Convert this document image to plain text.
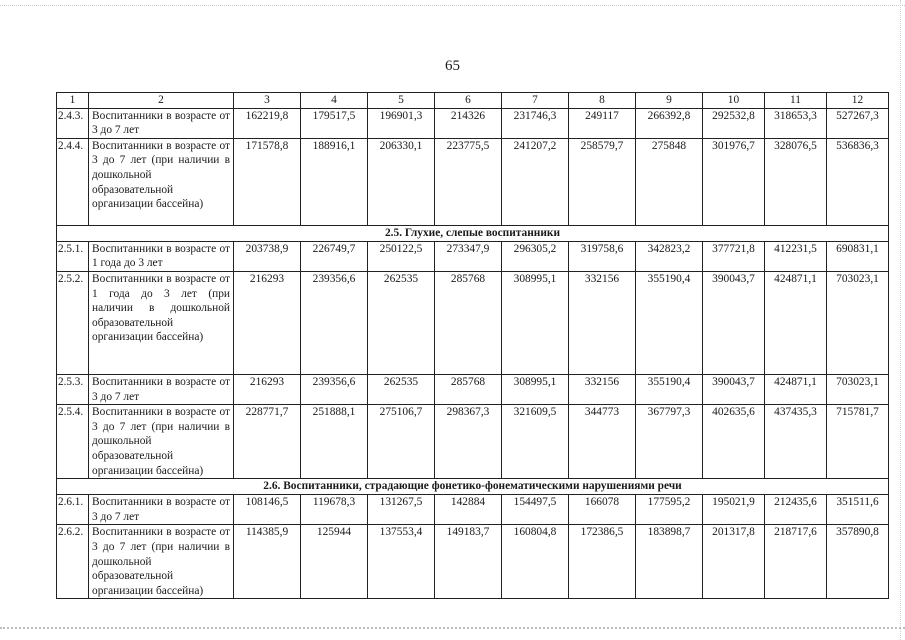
65
1	2	3	4	5	6	7	8	9	10	11	12
2.4.3.	Воспитанники в возрасте от 3 до 7 лет	162219,8	179517,5	196901,3	214326	231746,3	249117	266392,8	292532,8	318653,3	527267,3
2.4.4.	Воспитанники в возрасте от 3 до 7 лет (при наличии в дошкольной образовательной организации бассейна)	171578,8	188916,1	206330,1	223775,5	241207,2	258579,7	275848	301976,7	328076,5	536836,3
2.5. Глухие, слепые воспитанники											
2.5.1.	Воспитанники в возрасте от 1 года до 3 лет	203738,9	226749,7	250122,5	273347,9	296305,2	319758,6	342823,2	377721,8	412231,5	690831,1
2.5.2.	Воспитанники в возрасте от 1 года до 3 лет (при наличии в дошкольной образовательной организации бассейна)	216293	239356,6	262535	285768	308995,1	332156	355190,4	390043,7	424871,1	703023,1
2.5.3.	Воспитанники в возрасте от 3 до 7 лет	216293	239356,6	262535	285768	308995,1	332156	355190,4	390043,7	424871,1	703023,1
2.5.4.	Воспитанники в возрасте от 3 до 7 лет (при наличии в дошкольной образовательной организации бассейна)	228771,7	251888,1	275106,7	298367,3	321609,5	344773	367797,3	402635,6	437435,3	715781,7
2.6. Воспитанники, страдающие фонетико-фонематическими нарушениями речи											
2.6.1.	Воспитанники в возрасте от 3 до 7 лет	108146,5	119678,3	131267,5	142884	154497,5	166078	177595,2	195021,9	212435,6	351511,6
2.6.2.	Воспитанники в возрасте от 3 до 7 лет (при наличии в дошкольной образовательной организации бассейна)	114385,9	125944	137553,4	149183,7	160804,8	172386,5	183898,7	201317,8	218717,6	357890,8
